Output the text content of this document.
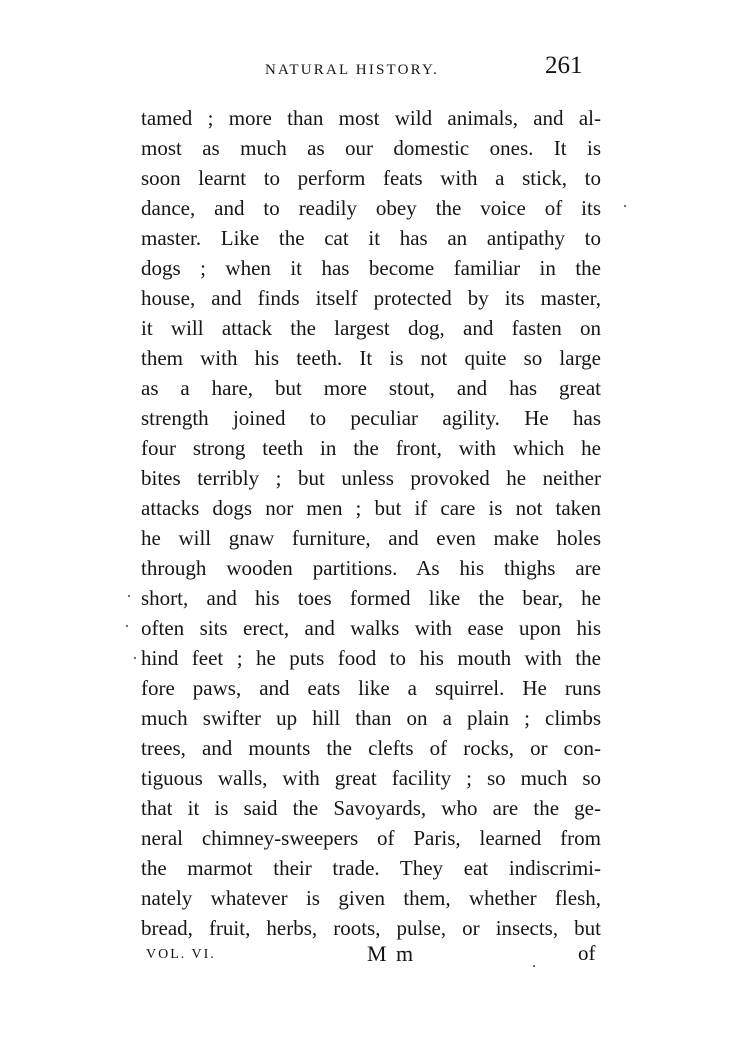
NATURAL HISTORY.	261
tamed ; more than most wild animals, and al-
most as much as our domestic ones. It is
soon learnt to perform feats with a stick, to
dance, and to readily obey the voice of its
master. Like the cat it has an antipathy to
dogs ; when it has become familiar in the
house, and finds itself protected by its master,
it will attack the largest dog, and fasten on
them with his teeth. It is not quite so large
as a hare, but more stout, and has great
strength joined to peculiar agility. He has
four strong teeth in the front, with which he
bites terribly ; but unless provoked he neither
attacks dogs nor men ; but if care is not taken
he will gnaw furniture, and even make holes
through wooden partitions. As his thighs are
short, and his toes formed like the bear, he
often sits erect, and walks with ease upon his
hind feet ; he puts food to his mouth with the
fore paws, and eats like a squirrel. He runs
much swifter up hill than on a plain ; climbs
trees, and mounts the clefts of rocks, or con-
tiguous walls, with great facility ; so much so
that it is said the Savoyards, who are the ge-
neral chimney-sweepers of Paris, learned from
the marmot their trade. They eat indiscrimi-
nately whatever is given them, whether flesh,
bread, fruit, herbs, roots, pulse, or insects, but
VOL. VI.	M m	of
